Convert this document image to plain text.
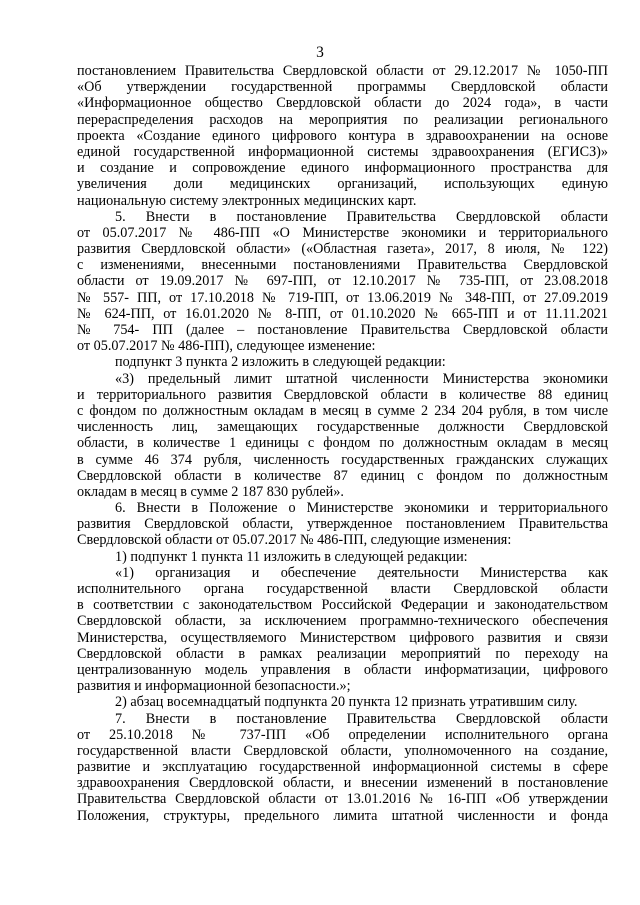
3
постановлением Правительства Свердловской области от 29.12.2017 № 1050-ПП
«Об утверждении государственной программы Свердловской области
«Информационное общество Свердловской области до 2024 года», в части
перераспределения расходов на мероприятия по реализации регионального
проекта «Создание единого цифрового контура в здравоохранении на основе
единой государственной информационной системы здравоохранения (ЕГИСЗ)»
и создание и сопровождение единого информационного пространства для
увеличения доли медицинских организаций, использующих единую
национальную систему электронных медицинских карт.
5. Внести в постановление Правительства Свердловской области
от 05.07.2017 № 486-ПП «О Министерстве экономики и территориального
развития Свердловской области» («Областная газета», 2017, 8 июля, № 122)
с изменениями, внесенными постановлениями Правительства Свердловской
области от 19.09.2017 № 697-ПП, от 12.10.2017 № 735-ПП, от 23.08.2018
№ 557- ПП, от 17.10.2018 № 719-ПП, от 13.06.2019 № 348-ПП, от 27.09.2019
№ 624-ПП, от 16.01.2020 № 8-ПП, от 01.10.2020 № 665-ПП и от 11.11.2021
№ 754- ПП (далее – постановление Правительства Свердловской области
от 05.07.2017 № 486-ПП), следующее изменение:
подпункт 3 пункта 2 изложить в следующей редакции:
«3) предельный лимит штатной численности Министерства экономики
и территориального развития Свердловской области в количестве 88 единиц
с фондом по должностным окладам в месяц в сумме 2 234 204 рубля, в том числе
численность лиц, замещающих государственные должности Свердловской
области, в количестве 1 единицы с фондом по должностным окладам в месяц
в сумме 46 374 рубля, численность государственных гражданских служащих
Свердловской области в количестве 87 единиц с фондом по должностным
окладам в месяц в сумме 2 187 830 рублей».
6. Внести в Положение о Министерстве экономики и территориального
развития Свердловской области, утвержденное постановлением Правительства
Свердловской области от 05.07.2017 № 486-ПП, следующие изменения:
1) подпункт 1 пункта 11 изложить в следующей редакции:
«1) организация и обеспечение деятельности Министерства как
исполнительного органа государственной власти Свердловской области
в соответствии с законодательством Российской Федерации и законодательством
Свердловской области, за исключением программно-технического обеспечения
Министерства, осуществляемого Министерством цифрового развития и связи
Свердловской области в рамках реализации мероприятий по переходу на
централизованную модель управления в области информатизации, цифрового
развития и информационной безопасности.»;
2) абзац восемнадцатый подпункта 20 пункта 12 признать утратившим силу.
7. Внести в постановление Правительства Свердловской области
от 25.10.2018 № 737-ПП «Об определении исполнительного органа
государственной власти Свердловской области, уполномоченного на создание,
развитие и эксплуатацию государственной информационной системы в сфере
здравоохранения Свердловской области, и внесении изменений в постановление
Правительства Свердловской области от 13.01.2016 № 16-ПП «Об утверждении
Положения, структуры, предельного лимита штатной численности и фонда
